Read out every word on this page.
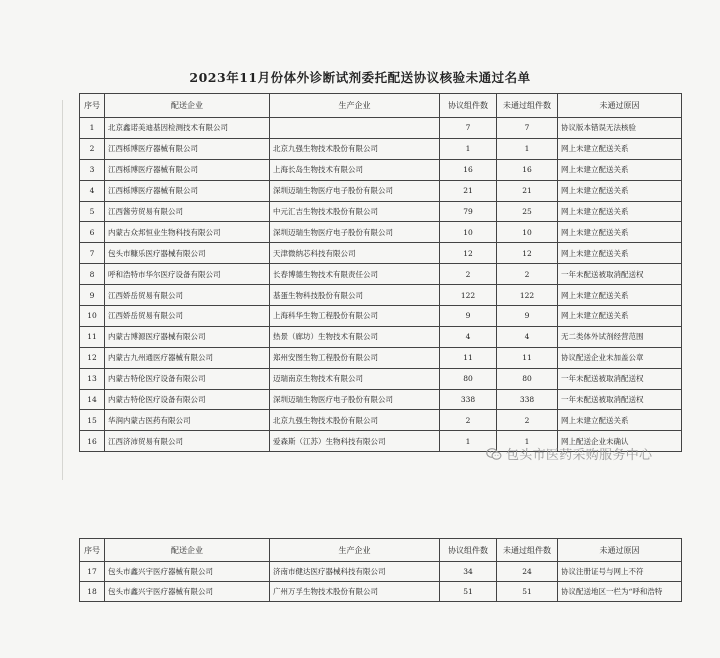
2023年11月份体外诊断试剂委托配送协议核验未通过名单
序号	配送企业	生产企业	协议组件数	未通过组件数	未通过原因
1	北京鑫诺美迪基因检测技术有限公司		7	7	协议版本错误无法核验
2	江西栎博医疗器械有限公司	北京九强生物技术股份有限公司	1	1	网上未建立配送关系
3	江西栎博医疗器械有限公司	上海长岛生物技术有限公司	16	16	网上未建立配送关系
4	江西栎博医疗器械有限公司	深圳迈瑞生物医疗电子股份有限公司	21	21	网上未建立配送关系
5	江西酱劳贸易有限公司	中元汇吉生物技术股份有限公司	79	25	网上未建立配送关系
6	内蒙古众邦恒业生物科技有限公司	深圳迈瑞生物医疗电子股份有限公司	10	10	网上未建立配送关系
7	包头市糠乐医疗器械有限公司	天津微纳芯科技有限公司	12	12	网上未建立配送关系
8	呼和浩特市华尔医疗设备有限公司	长春博德生物技术有限责任公司	2	2	一年未配送被取消配送权
9	江西娇岳贸易有限公司	基蛋生物科技股份有限公司	122	122	网上未建立配送关系
10	江西娇岳贸易有限公司	上海科华生物工程股份有限公司	9	9	网上未建立配送关系
11	内蒙古博源医疗器械有限公司	热景（廊坊）生物技术有限公司	4	4	无二类体外试剂经营范围
12	内蒙古九州通医疗器械有限公司	郑州安图生物工程股份有限公司	11	11	协议配送企业未加盖公章
13	内蒙古特伦医疗设备有限公司	迈瑞南京生物技术有限公司	80	80	一年未配送被取消配送权
14	内蒙古特伦医疗设备有限公司	深圳迈瑞生物医疗电子股份有限公司	338	338	一年未配送被取消配送权
15	华润内蒙古医药有限公司	北京九强生物技术股份有限公司	2	2	网上未建立配送关系
16	江西济沛贸易有限公司	爱森斯（江苏）生物科技有限公司	1	1	网上配送企业未确认
包头市医药采购服务中心
序号	配送企业	生产企业	协议组件数	未通过组件数	未通过原因
17	包头市鑫兴宇医疗器械有限公司	济南市健达医疗器械科技有限公司	34	24	协议注册证号与网上不符
18	包头市鑫兴宇医疗器械有限公司	广州万孚生物技术股份有限公司	51	51	协议配送地区一栏为“呼和浩特
